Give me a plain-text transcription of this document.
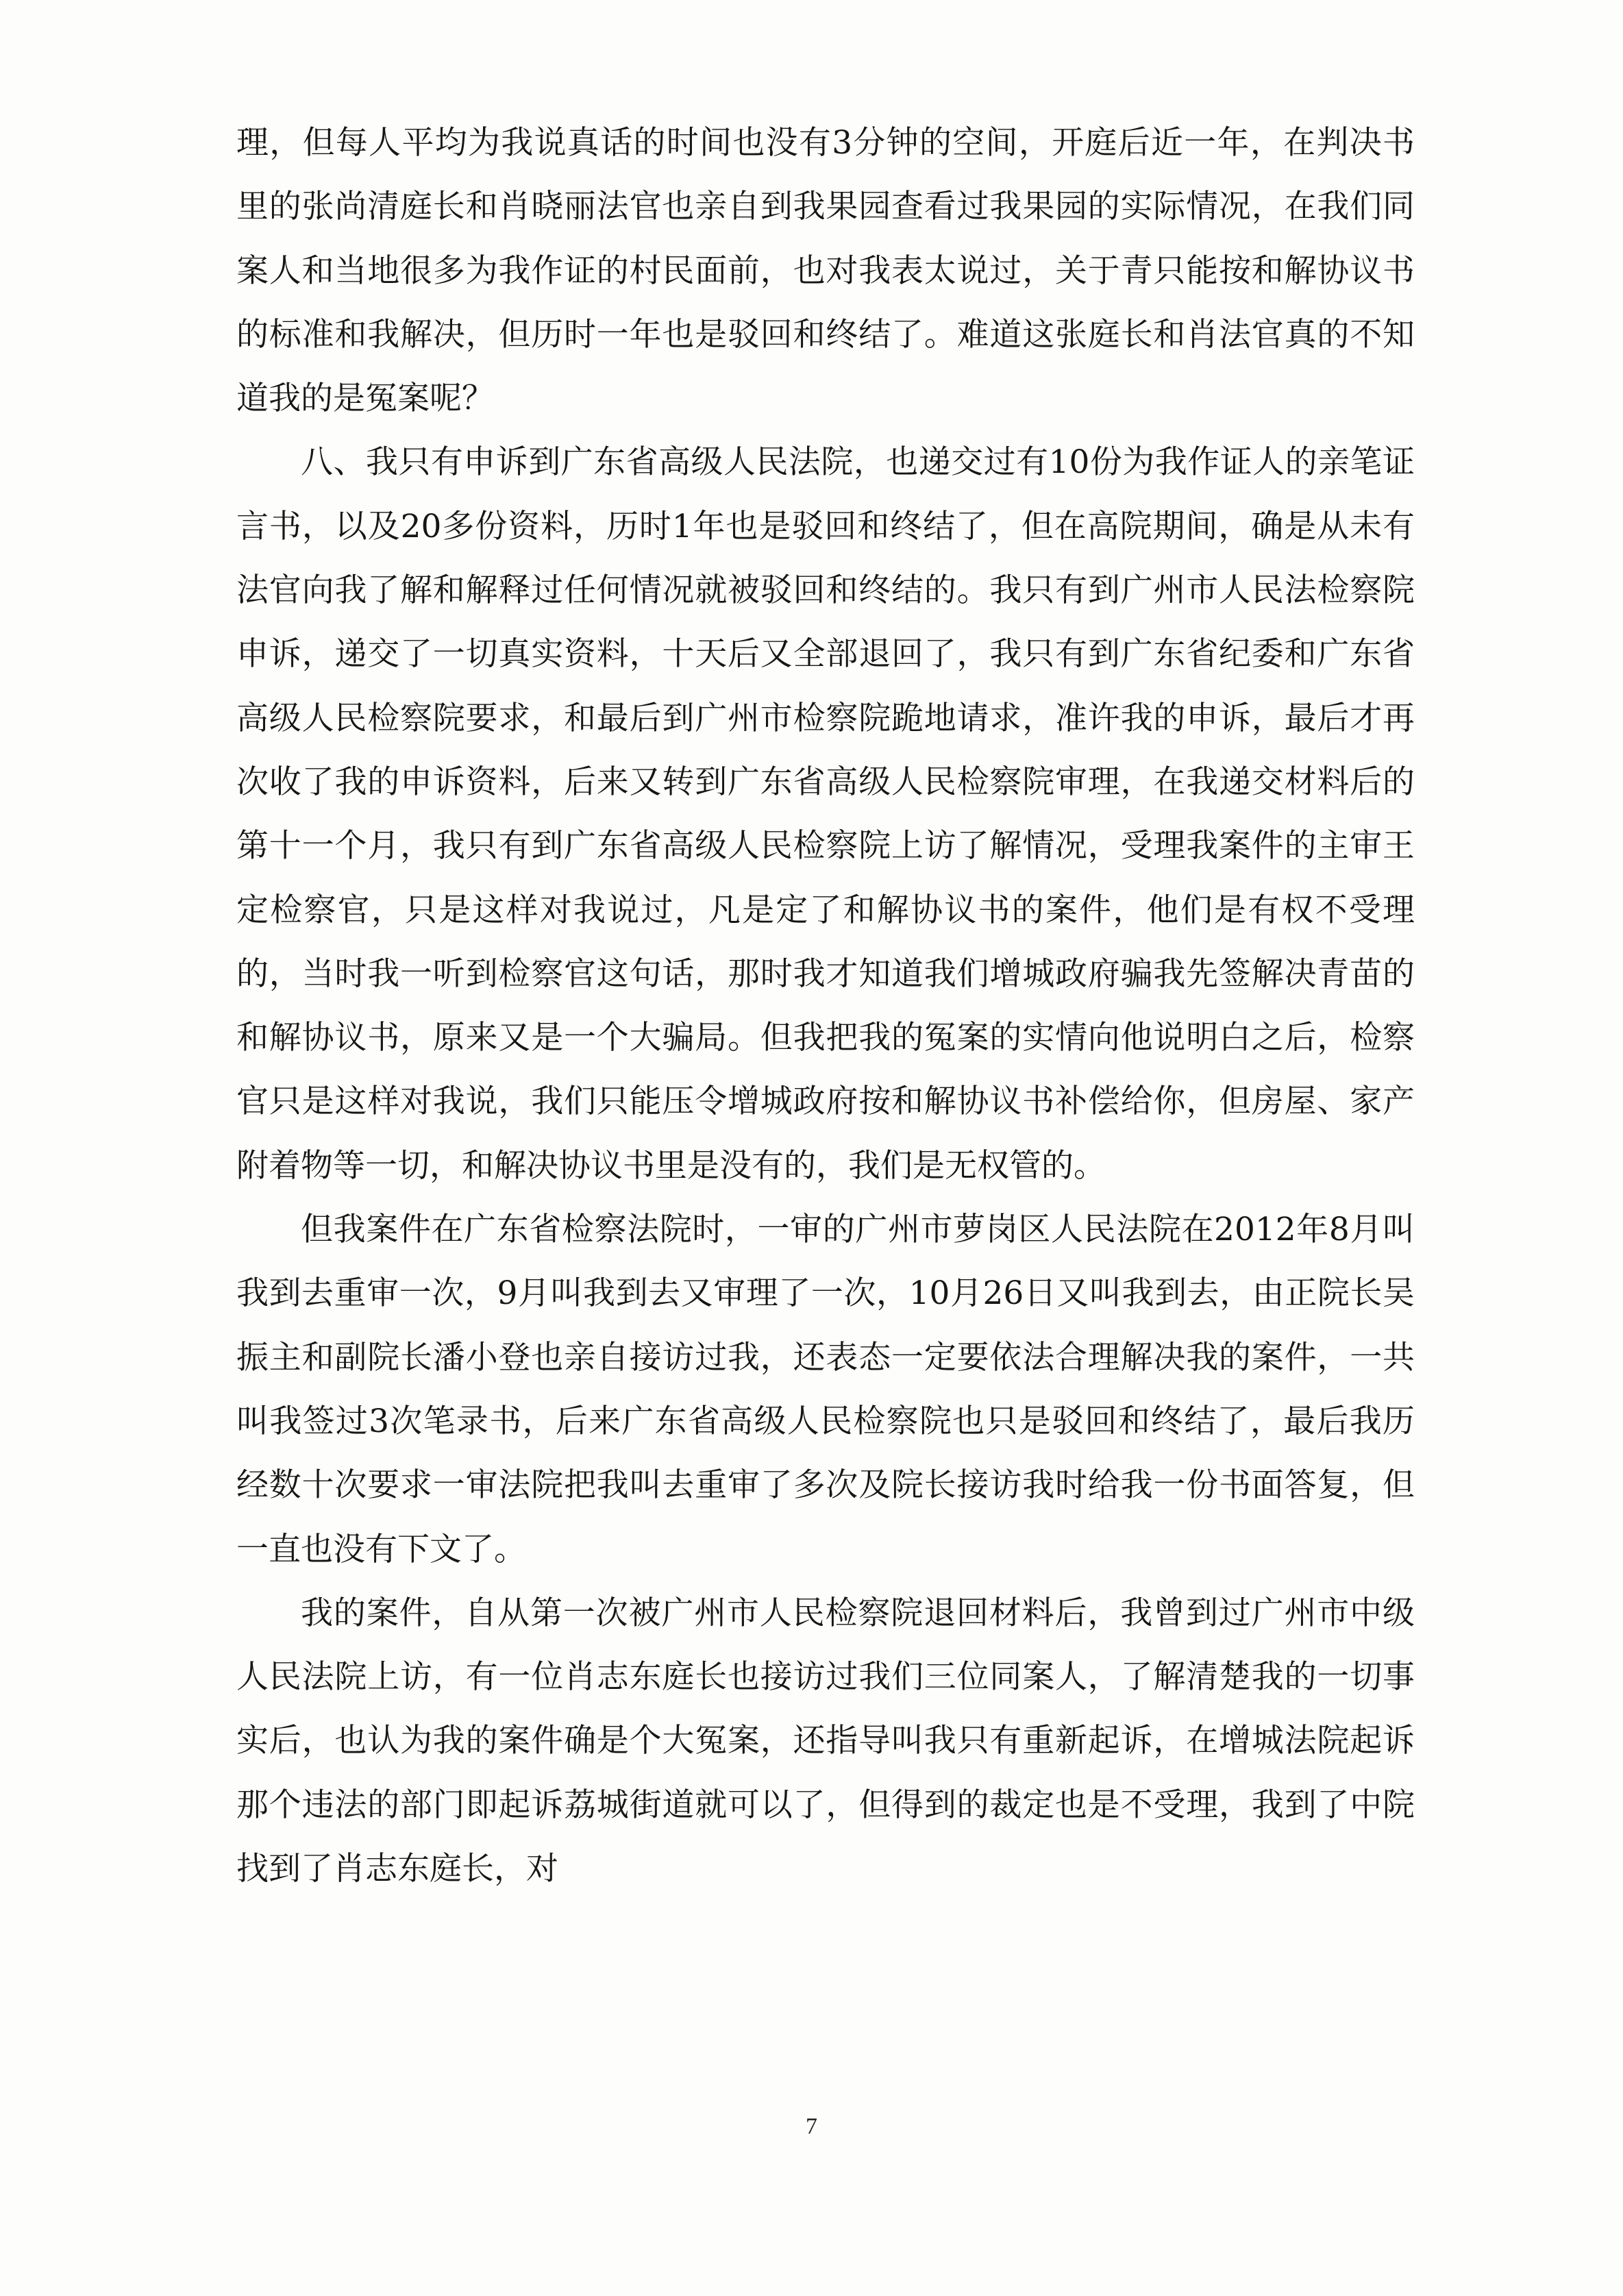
理，但每人平均为我说真话的时间也没有3分钟的空间，开庭后近一年，在判决书里的张尚清庭长和肖晓丽法官也亲自到我果园查看过我果园的实际情况，在我们同案人和当地很多为我作证的村民面前，也对我表太说过，关于青只能按和解协议书的标准和我解决，但历时一年也是驳回和终结了。难道这张庭长和肖法官真的不知道我的是冤案呢？

八、我只有申诉到广东省高级人民法院，也递交过有10份为我作证人的亲笔证言书，以及20多份资料，历时1年也是驳回和终结了，但在高院期间，确是从未有法官向我了解和解释过任何情况就被驳回和终结的。我只有到广州市人民法检察院申诉，递交了一切真实资料，十天后又全部退回了，我只有到广东省纪委和广东省高级人民检察院要求，和最后到广州市检察院跪地请求，准许我的申诉，最后才再次收了我的申诉资料，后来又转到广东省高级人民检察院审理，在我递交材料后的第十一个月，我只有到广东省高级人民检察院上访了解情况，受理我案件的主审王定检察官，只是这样对我说过，凡是定了和解协议书的案件，他们是有权不受理的，当时我一听到检察官这句话，那时我才知道我们增城政府骗我先签解决青苗的和解协议书，原来又是一个大骗局。但我把我的冤案的实情向他说明白之后，检察官只是这样对我说，我们只能压令增城政府按和解协议书补偿给你，但房屋、家产附着物等一切，和解决协议书里是没有的，我们是无权管的。

但我案件在广东省检察法院时，一审的广州市萝岗区人民法院在2012年8月叫我到去重审一次，9月叫我到去又审理了一次，10月26日又叫我到去，由正院长吴振主和副院长潘小登也亲自接访过我，还表态一定要依法合理解决我的案件，一共叫我签过3次笔录书，后来广东省高级人民检察院也只是驳回和终结了，最后我历经数十次要求一审法院把我叫去重审了多次及院长接访我时给我一份书面答复，但一直也没有下文了。

我的案件，自从第一次被广州市人民检察院退回材料后，我曾到过广州市中级人民法院上访，有一位肖志东庭长也接访过我们三位同案人，了解清楚我的一切事实后，也认为我的案件确是个大冤案，还指导叫我只有重新起诉，在增城法院起诉那个违法的部门即起诉荔城街道就可以了，但得到的裁定也是不受理，我到了中院找到了肖志东庭长，对

7
